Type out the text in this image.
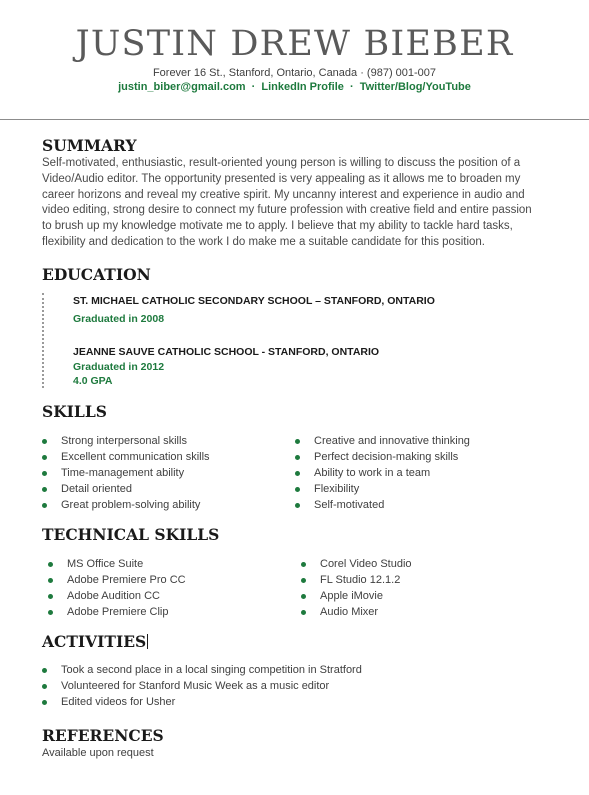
JUSTIN DREW BIEBER
Forever 16 St., Stanford, Ontario, Canada · (987) 001-007
justin_biber@gmail.com · LinkedIn Profile · Twitter/Blog/YouTube
SUMMARY

Self-motivated, enthusiastic, result-oriented young person is willing to discuss the position of a Video/Audio editor. The opportunity presented is very appealing as it allows me to broaden my career horizons and reveal my creative spirit. My uncanny interest and experience in audio and video editing, strong desire to connect my future profession with creative field and entire passion to brush up my knowledge motivate me to apply. I believe that my ability to tackle hard tasks, flexibility and dedication to the work I do make me a suitable candidate for this position.

EDUCATION
ST. MICHAEL CATHOLIC SECONDARY SCHOOL – STANFORD, ONTARIO
Graduated in 2008
JEANNE SAUVE CATHOLIC SCHOOL - STANFORD, ONTARIO
Graduated in 2012
4.0 GPA
SKILLS
Strong interpersonal skills
Excellent communication skills
Time-management ability
Detail oriented
Great problem-solving ability
Creative and innovative thinking
Perfect decision-making skills
Ability to work in a team
Flexibility
Self-motivated
TECHNICAL SKILLS
MS Office Suite
Adobe Premiere Pro CC
Adobe Audition CC
Adobe Premiere Clip
Corel Video Studio
FL Studio 12.1.2
Apple iMovie
Audio Mixer
ACTIVITIES
Took a second place in a local singing competition in Stratford
Volunteered for Stanford Music Week as a music editor
Edited videos for Usher
REFERENCES
Available upon request
